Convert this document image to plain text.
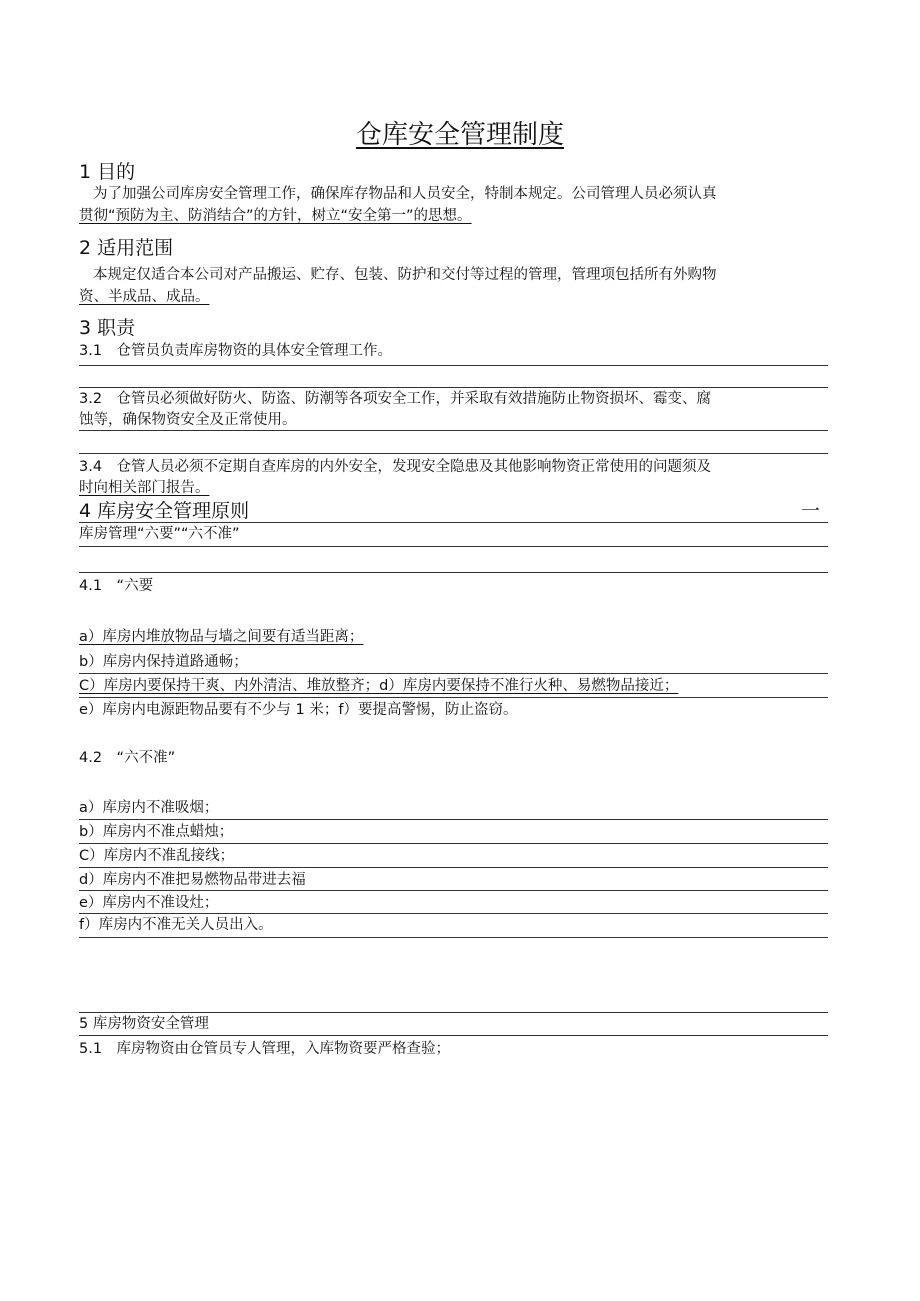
仓库安全管理制度
1 目的
为了加强公司库房安全管理工作，确保库存物品和人员安全，特制本规定。公司管理人员必须认真
贯彻“预防为主、防消结合”的方针，树立“安全第一”的思想。
2 适用范围
本规定仅适合本公司对产品搬运、贮存、包装、防护和交付等过程的管理，管理项包括所有外购物
资、半成品、成品。
3 职责
3.1　仓管员负责库房物资的具体安全管理工作。
3.2　仓管员必须做好防火、防盗、防潮等各项安全工作，并采取有效措施防止物资损坏、霉变、腐
蚀等，确保物资安全及正常使用。
3.4　仓管人员必须不定期自查库房的内外安全，发现安全隐患及其他影响物资正常使用的问题须及
时向相关部门报告。
4 库房安全管理原则	一
库房管理“六要”“六不准”
4.1　“六要
a）库房内堆放物品与墙之间要有适当距离；
b）库房内保持道路通畅；
C）库房内要保持干爽、内外清洁、堆放整齐；d）库房内要保持不准行火种、易燃物品接近；
e）库房内电源距物品要有不少与 1 米；f）要提高警惕，防止盗窃。
4.2　“六不准”
a）库房内不准吸烟；
b）库房内不准点蜡烛；
C）库房内不准乱接线；
d）库房内不准把易燃物品带进去福
e）库房内不准设灶；
f）库房内不准无关人员出入。
5 库房物资安全管理
5.1　库房物资由仓管员专人管理，入库物资要严格查验；
